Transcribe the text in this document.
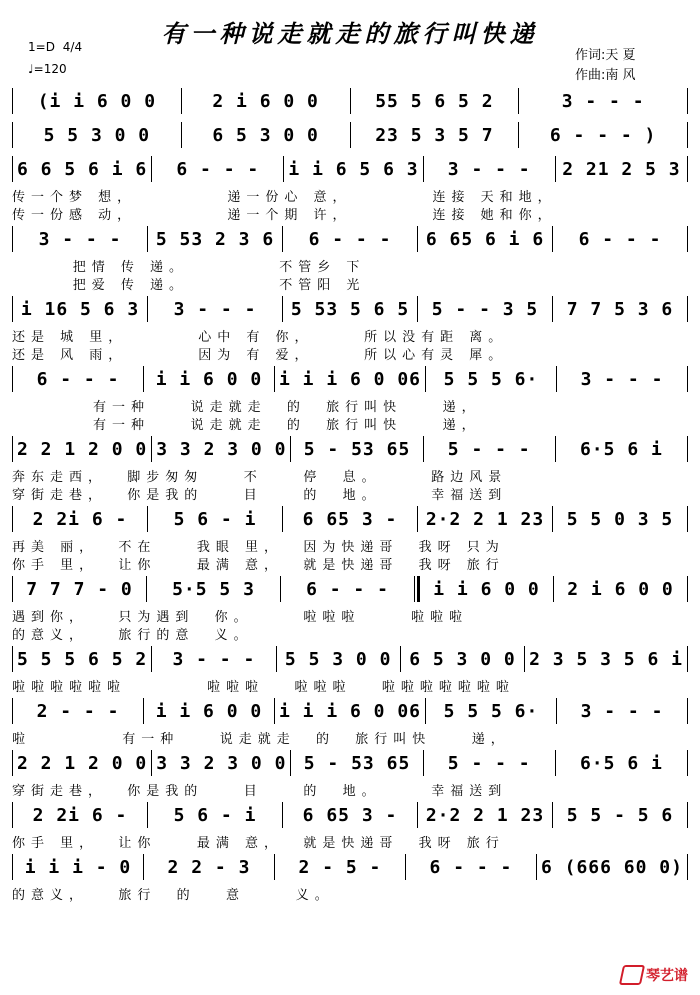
有一种说走就走的旅行叫快递
1=D 4/4
♩=120
作词:天 夏
作曲:南 风
(i i 6 0 0	2 i 6 0 0	55 5 6 5 2	3 - - -
5 5 3 0 0	6 5 3 0 0	23 5 3 5 7	6 - - - )
6 6 5 6 i 6	6 - - -	i i 6 5 6 3	3 - - -	2 21 2 5 3
传一个梦 想，         递一份心 意，        连接 天和地，
传一份感 动，         递一个期 许，        连接 她和你，
3 - - -	5 53 2 3 6	6 - - -	6 65 6 i 6	6 - - -
把情 传 递。         不管乡 下
把爱 传 递。         不管阳 光
i 16 5 6 3	3 - - -	5 53 5 6 5	5 - - 3 5	7 7 5 3 6
还是 城 里，       心中 有 你，     所以没有距 离。
还是 风 雨，       因为 有 爱，     所以心有灵 犀。
6 - - -	i i 6 0 0 i i i 6 0 06	5 5 5 6·	3 - - -
有一种    说走就走  的  旅行叫快    递，
有一种    说走就走  的  旅行叫快    递，
2 2 1 2 0 0 3 3 2 3 0 0 5 - 53 65	5 - - -	6·5 6 i
奔东走西，  脚步匆匆    不    停  息。     路边风景
穿街走巷，  你是我的    目    的  地。     幸福送到
2 2i 6 -	5 6 - i	6 65 3 -	2·2 2 1 23	5 5 0 3 5
再美 丽，  不在    我眼 里，  因为快递哥  我呀 只为
你手 里，  让你    最满 意，  就是快递哥  我呀 旅行
7 7 7 - 0	5·5 5 3	6 - - -	i i 6 0 0	2 i 6 0 0
遇到你，   只为遇到  你。     啦啦啦     啦啦啦
的意义，   旅行的意  义。
5 5 5 6 5 2	3 - - -	5 5 3 0 0 6 5 3 0 0 2 3 5 3 5 6 i
啦啦啦啦啦啦        啦啦啦   啦啦啦   啦啦啦啦啦啦啦
2 - - -	i i 6 0 0 i i i 6 0 06	5 5 5 6·	3 - - -
啦         有一种    说走就走  的  旅行叫快    递，
2 2 1 2 0 0 3 3 2 3 0 0 5 - 53 65	5 - - -	6·5 6 i
穿街走巷，  你是我的    目    的  地。     幸福送到
2 2i 6 -	5 6 - i	6 65 3 -	2·2 2 1 23	5 5 - 5 6
你手 里，  让你    最满 意，  就是快递哥  我呀 旅行
i i i - 0	2 2 - 3	2 - 5 -	6 - - -	6 (666 60 0)
的意义，   旅行  的   意     义。
琴艺谱
